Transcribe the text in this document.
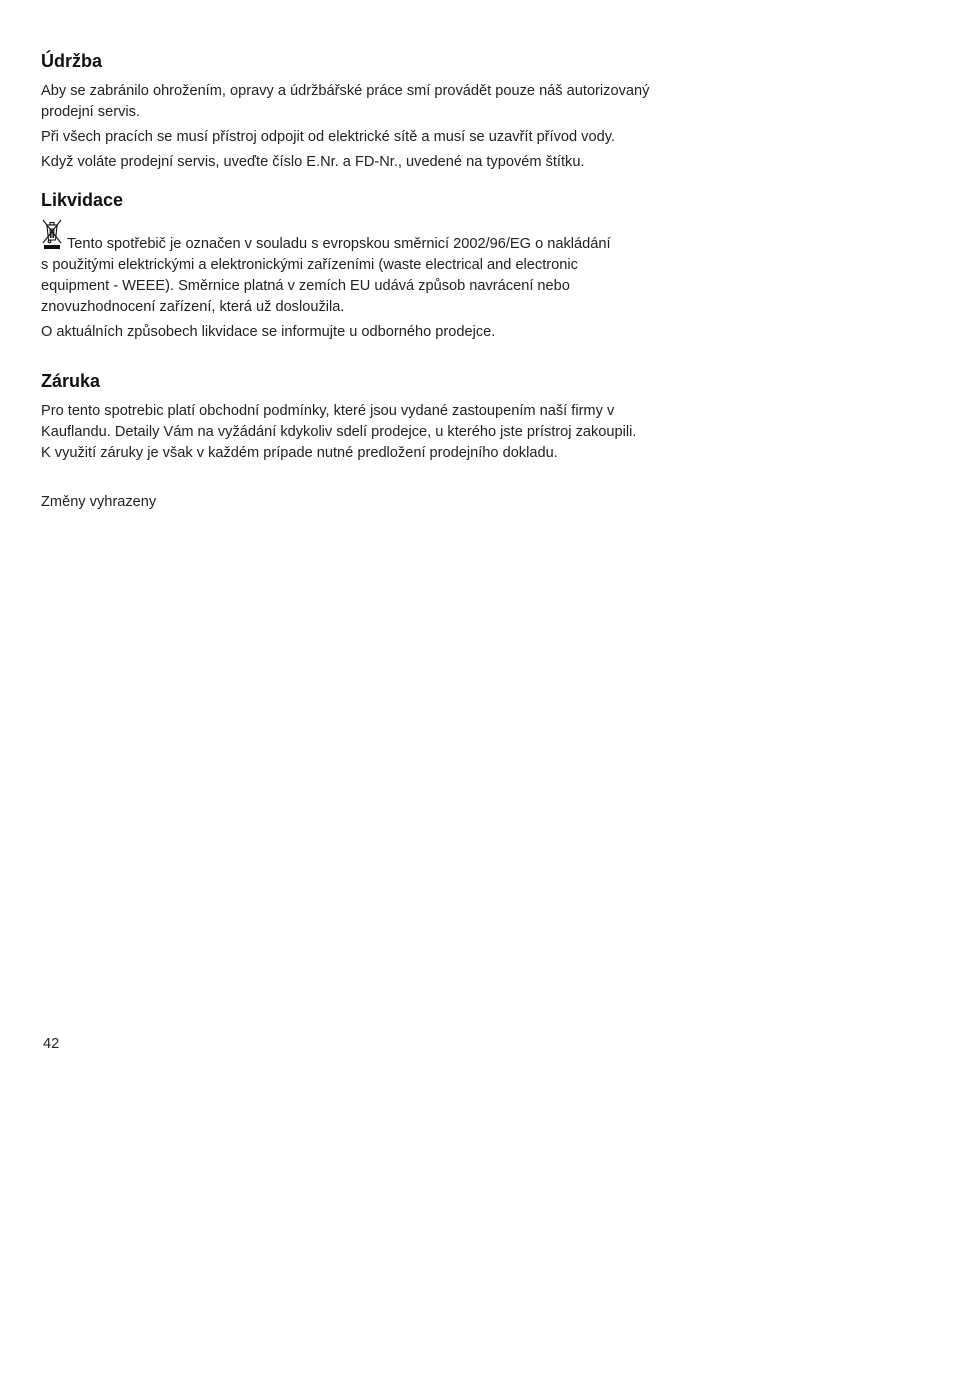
Údržba

Aby se zabránilo ohrožením, opravy a údržbářské práce smí provádět pouze náš autorizovaný
prodejní servis.

Při všech pracích se musí přístroj odpojit od elektrické sítě a musí se uzavřít přívod vody.

Když voláte prodejní servis, uveďte číslo E.Nr. a FD-Nr., uvedené na typovém štítku.

Likvidace

Tento spotřebič je označen v souladu s evropskou směrnicí 2002/96/EG o nakládání
s použitými elektrickými a elektronickými zařízeními (waste electrical and electronic
equipment - WEEE). Směrnice platná v zemích EU udává způsob navrácení nebo
znovuzhodnocení zařízení, která už dosloužila.

O aktuálních způsobech likvidace se informujte u odborného prodejce.

Záruka

Pro tento spotrebic platí obchodní podmínky, které jsou vydané zastoupením naší firmy v
Kauflandu. Detaily Vám na vyžádání kdykoliv sdelí prodejce, u kterého jste prístroj zakoupili.
K využití záruky je však v každém prípade nutné predložení prodejního dokladu.

Změny vyhrazeny

42
